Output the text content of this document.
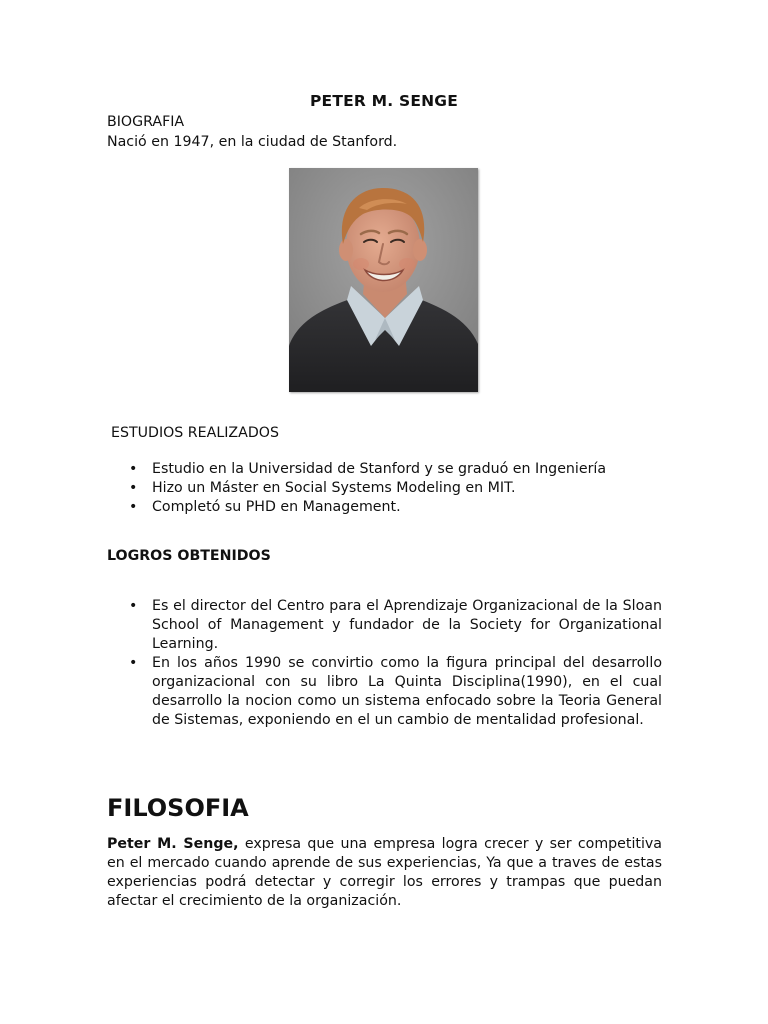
PETER M. SENGE

BIOGRAFIA

Nació en 1947, en la ciudad de Stanford.

ESTUDIOS REALIZADOS

• Estudio en la Universidad de Stanford y se graduó en Ingeniería
• Hizo un Máster en Social Systems Modeling en MIT.
• Completó su PHD en Management.

LOGROS OBTENIDOS

• Es el director del Centro para el Aprendizaje Organizacional de la Sloan School of Management y fundador de la Society for Organizational Learning.
• En los años 1990 se convirtio como la figura principal del desarrollo organizacional con su libro La Quinta Disciplina(1990), en el cual desarrollo la nocion como un sistema enfocado sobre la Teoria General de Sistemas, exponiendo en el un cambio de mentalidad profesional.
FILOSOFIA

Peter M. Senge, expresa que una empresa logra crecer y ser competitiva en el mercado cuando aprende de sus experiencias, Ya que a traves de estas experiencias podrá detectar y corregir los errores y trampas que puedan afectar el crecimiento de la organización.
